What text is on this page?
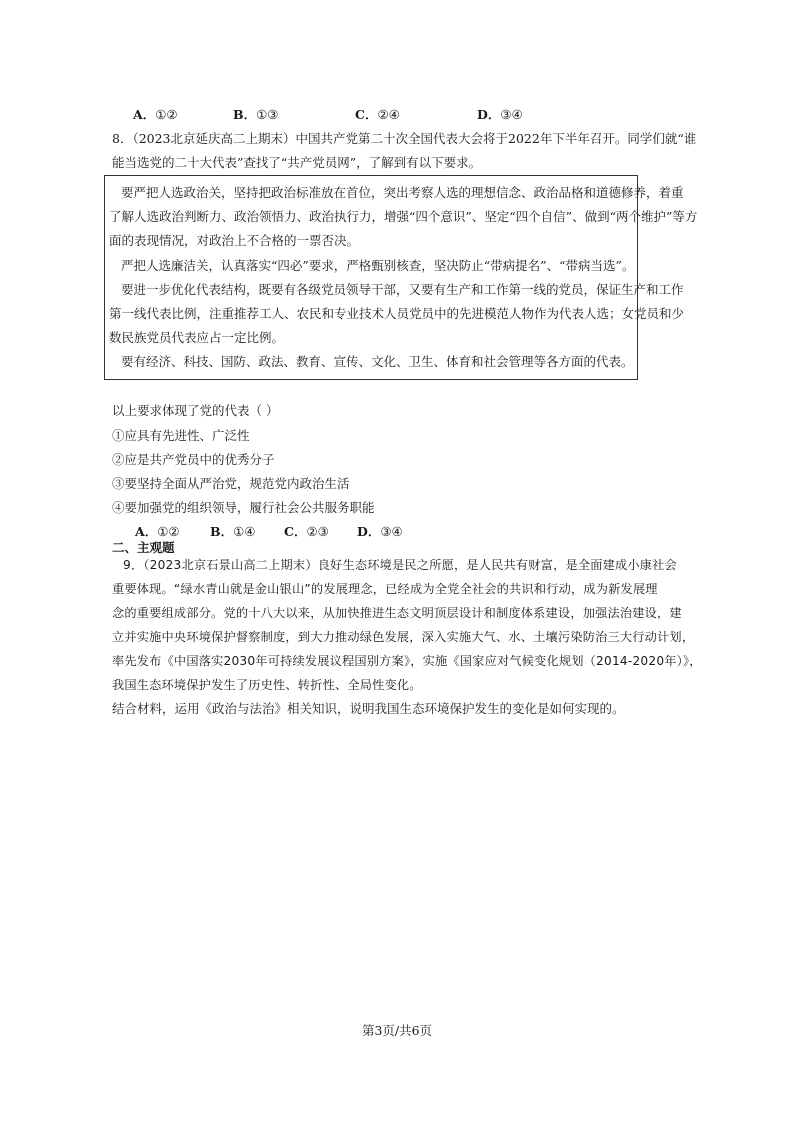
A．①②	B．①③	C．②④	D．③④
8．（2023北京延庆高二上期末）中国共产党第二十次全国代表大会将于2022年下半年召开。同学们就“谁
能当选党的二十大代表”查找了“共产党员网”，了解到有以下要求。

要严把人选政治关，坚持把政治标准放在首位，突出考察人选的理想信念、政治品格和道德修养，着重

了解人选政治判断力、政治领悟力、政治执行力，增强“四个意识”、坚定“四个自信”、做到“两个维护”等方

面的表现情况，对政治上不合格的一票否决。

严把人选廉洁关，认真落实“四必”要求，严格甄别核查，坚决防止“带病提名”、“带病当选”。

要进一步优化代表结构，既要有各级党员领导干部，又要有生产和工作第一线的党员，保证生产和工作

第一线代表比例，注重推荐工人、农民和专业技术人员党员中的先进模范人物作为代表人选；女党员和少

数民族党员代表应占一定比例。

要有经济、科技、国防、政法、教育、宣传、文化、卫生、体育和社会管理等各方面的代表。

以上要求体现了党的代表（ ）
①应具有先进性、广泛性
②应是共产党员中的优秀分子
③要坚持全面从严治党，规范党内政治生活
④要加强党的组织领导，履行社会公共服务职能
A．①② B．①④ C．②③ D．③④
二、主观题
9．（2023北京石景山高二上期末）良好生态环境是民之所愿，是人民共有财富，是全面建成小康社会
重要体现。“绿水青山就是金山银山”的发展理念，已经成为全党全社会的共识和行动，成为新发展理
念的重要组成部分。党的十八大以来，从加快推进生态文明顶层设计和制度体系建设，加强法治建设，建
立并实施中央环境保护督察制度，到大力推动绿色发展，深入实施大气、水、土壤污染防治三大行动计划，
率先发布《中国落实2030年可持续发展议程国别方案》，实施《国家应对气候变化规划（2014-2020年）》，
我国生态环境保护发生了历史性、转折性、全局性变化。
结合材料，运用《政治与法治》相关知识，说明我国生态环境保护发生的变化是如何实现的。
第3页/共6页
